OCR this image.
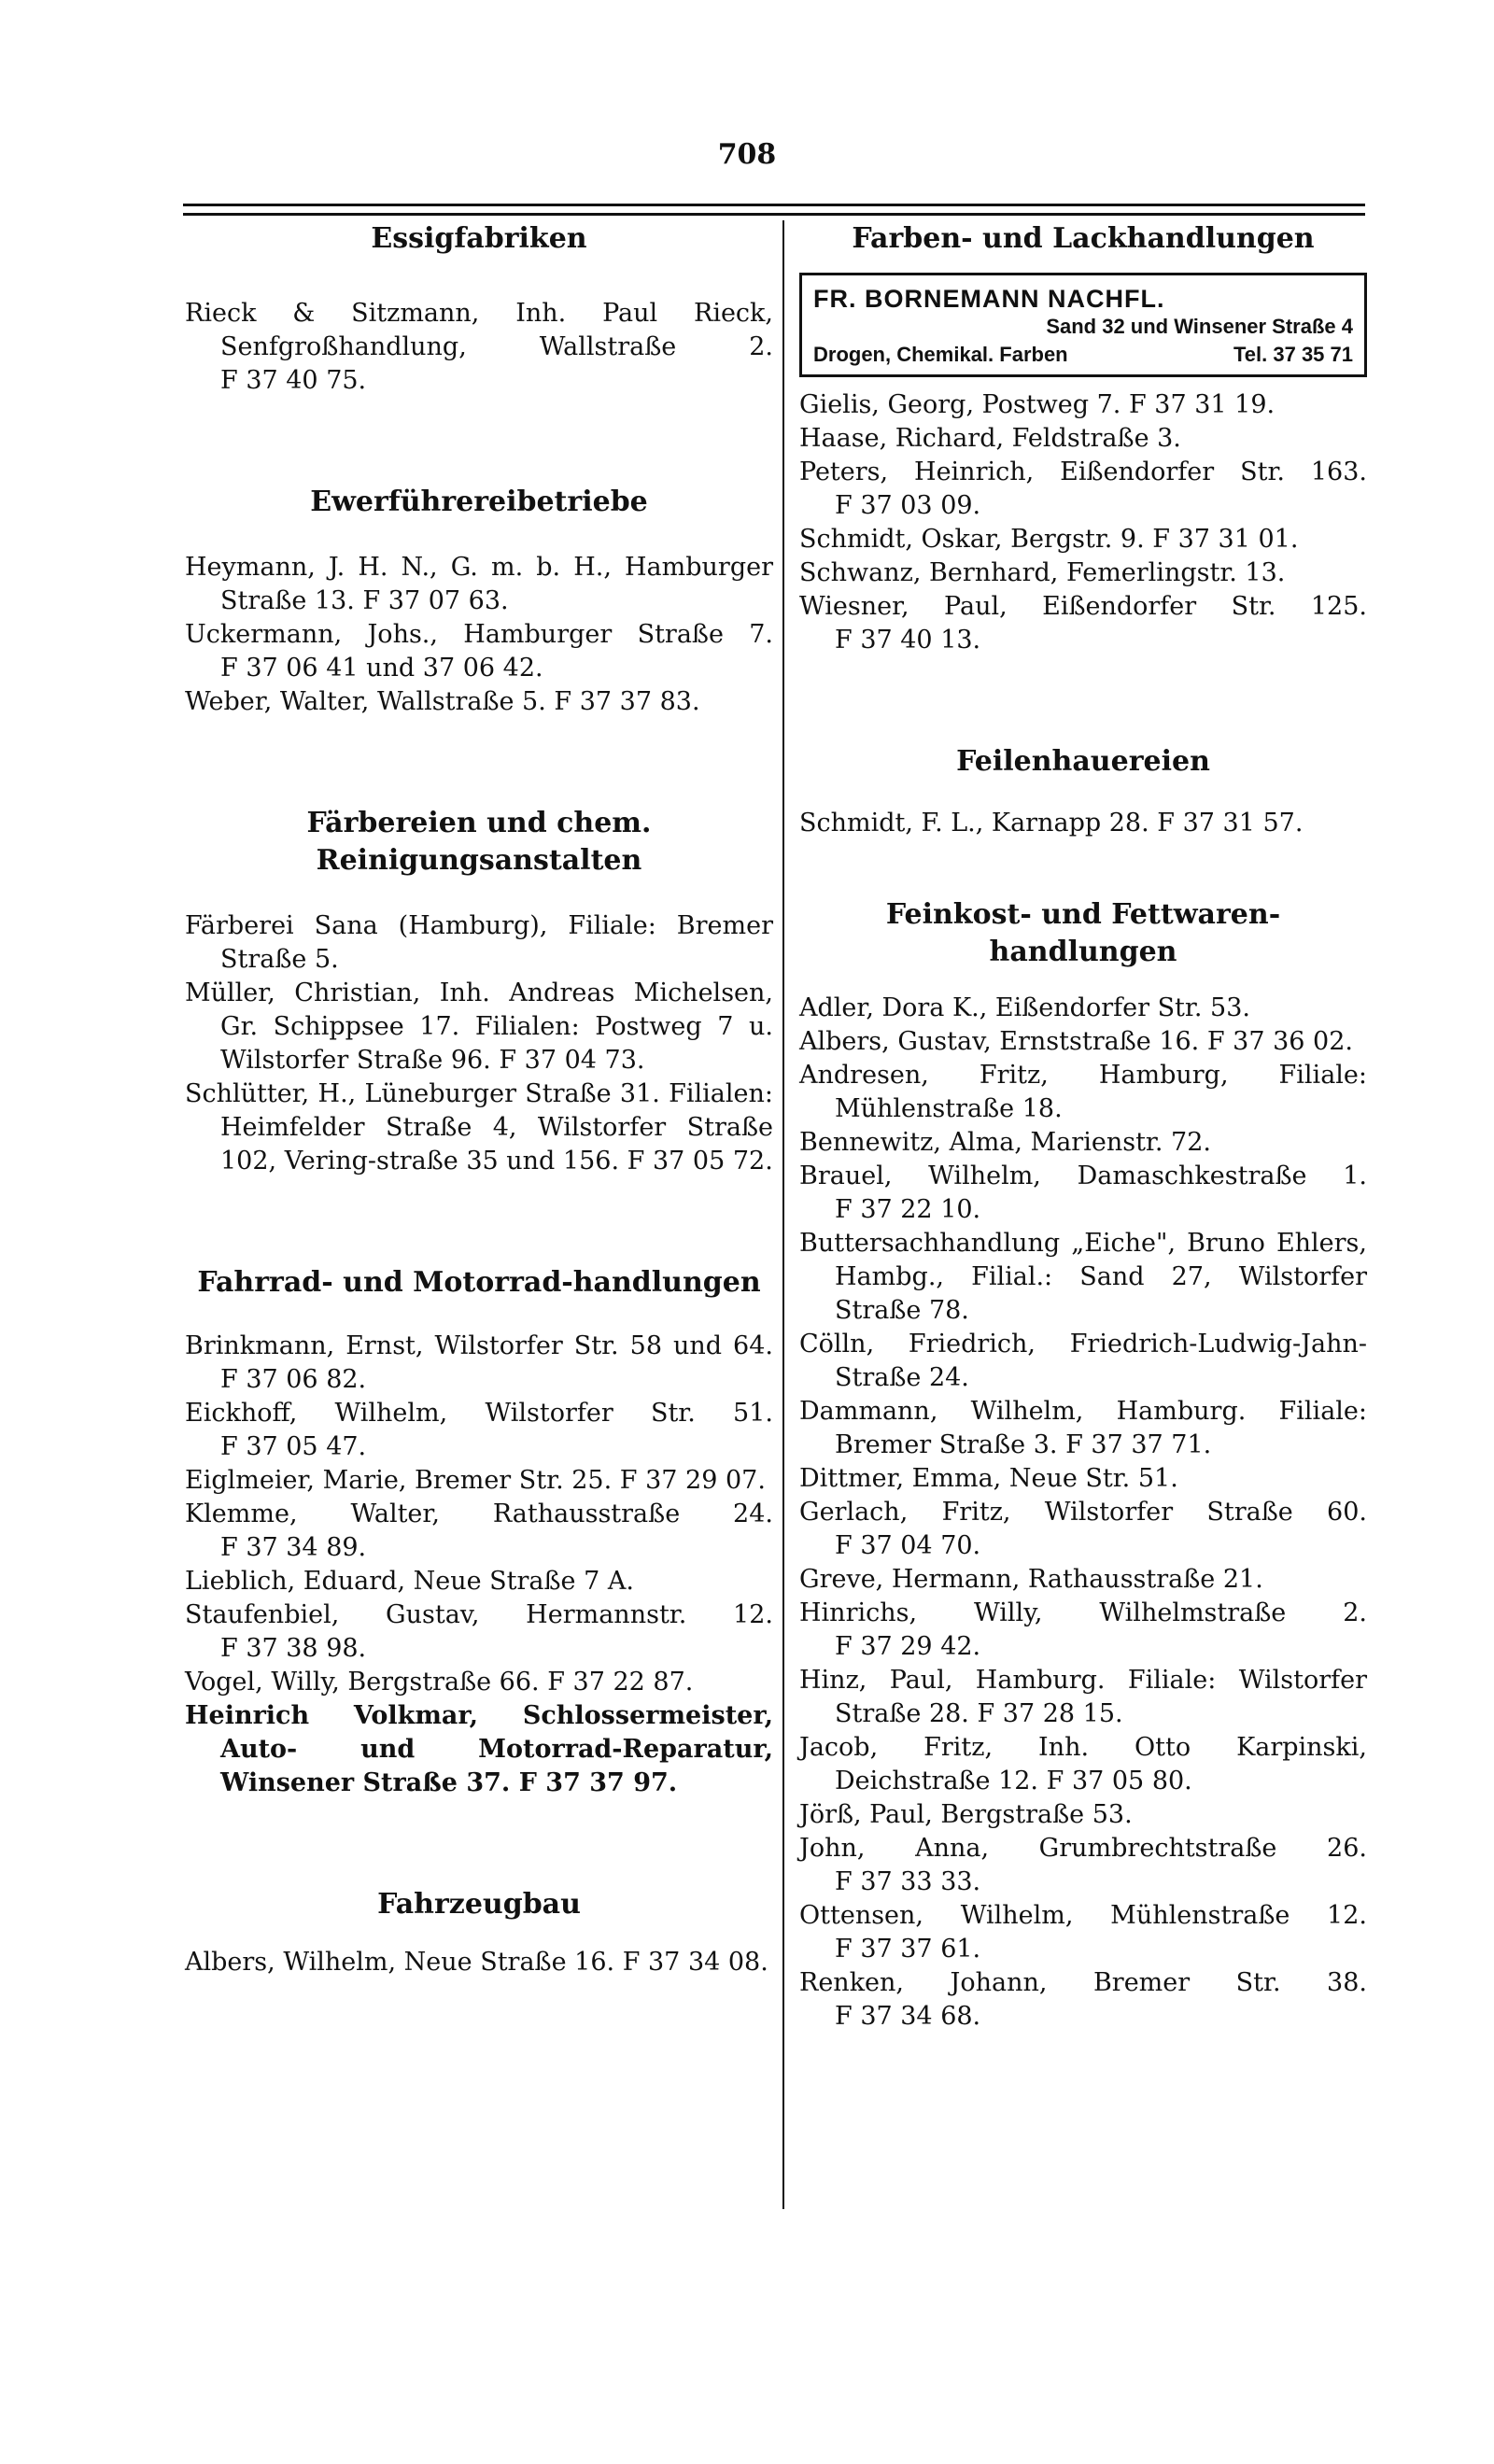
708
Essigfabriken
Rieck & Sitzmann, Inh. Paul Rieck, Senfgroßhandlung, Wallstraße 2. F 37 40 75.
Ewerführereibetriebe
Heymann, J. H. N., G. m. b. H., Hamburger Straße 13. F 37 07 63.
Uckermann, Johs., Hamburger Straße 7. F 37 06 41 und 37 06 42.
Weber, Walter, Wallstraße 5. F 37 37 83.
Färbereien und chem. Reinigungsanstalten
Färberei Sana (Hamburg), Filiale: Bremer Straße 5.
Müller, Christian, Inh. Andreas Michelsen, Gr. Schippsee 17. Filialen: Postweg 7 u. Wilstorfer Straße 96. F 37 04 73.
Schlütter, H., Lüneburger Straße 31. Filialen: Heimfelder Straße 4, Wilstorfer Straße 102, Vering-straße 35 und 156. F 37 05 72.
Fahrrad- und Motorrad-handlungen
Brinkmann, Ernst, Wilstorfer Str. 58 und 64. F 37 06 82.
Eickhoff, Wilhelm, Wilstorfer Str. 51. F 37 05 47.
Eiglmeier, Marie, Bremer Str. 25. F 37 29 07.
Klemme, Walter, Rathausstraße 24. F 37 34 89.
Lieblich, Eduard, Neue Straße 7 A.
Staufenbiel, Gustav, Hermannstr. 12. F 37 38 98.
Vogel, Willy, Bergstraße 66. F 37 22 87.
Heinrich Volkmar, Schlossermeister, Auto- und Motorrad-Reparatur, Winsener Straße 37. F 37 37 97.
Fahrzeugbau
Albers, Wilhelm, Neue Straße 16. F 37 34 08.
Farben- und Lackhandlungen
FR. BORNEMANN NACHFL.
Sand 32 und Winsener Straße 4
Drogen, Chemikal. Farben	Tel. 37 35 71
Gielis, Georg, Postweg 7. F 37 31 19.
Haase, Richard, Feldstraße 3.
Peters, Heinrich, Eißendorfer Str. 163. F 37 03 09.
Schmidt, Oskar, Bergstr. 9. F 37 31 01.
Schwanz, Bernhard, Femerlingstr. 13.
Wiesner, Paul, Eißendorfer Str. 125. F 37 40 13.
Feilenhauereien
Schmidt, F. L., Karnapp 28. F 37 31 57.
Feinkost- und Fettwaren-handlungen
Adler, Dora K., Eißendorfer Str. 53.
Albers, Gustav, Ernststraße 16. F 37 36 02.
Andresen, Fritz, Hamburg, Filiale: Mühlenstraße 18.
Bennewitz, Alma, Marienstr. 72.
Brauel, Wilhelm, Damaschkestraße 1. F 37 22 10.
Buttersachhandlung „Eiche", Bruno Ehlers, Hambg., Filial.: Sand 27, Wilstorfer Straße 78.
Cölln, Friedrich, Friedrich-Ludwig-Jahn-Straße 24.
Dammann, Wilhelm, Hamburg. Filiale: Bremer Straße 3. F 37 37 71.
Dittmer, Emma, Neue Str. 51.
Gerlach, Fritz, Wilstorfer Straße 60. F 37 04 70.
Greve, Hermann, Rathausstraße 21.
Hinrichs, Willy, Wilhelmstraße 2. F 37 29 42.
Hinz, Paul, Hamburg. Filiale: Wilstorfer Straße 28. F 37 28 15.
Jacob, Fritz, Inh. Otto Karpinski, Deichstraße 12. F 37 05 80.
Jörß, Paul, Bergstraße 53.
John, Anna, Grumbrechtstraße 26. F 37 33 33.
Ottensen, Wilhelm, Mühlenstraße 12. F 37 37 61.
Renken, Johann, Bremer Str. 38. F 37 34 68.
